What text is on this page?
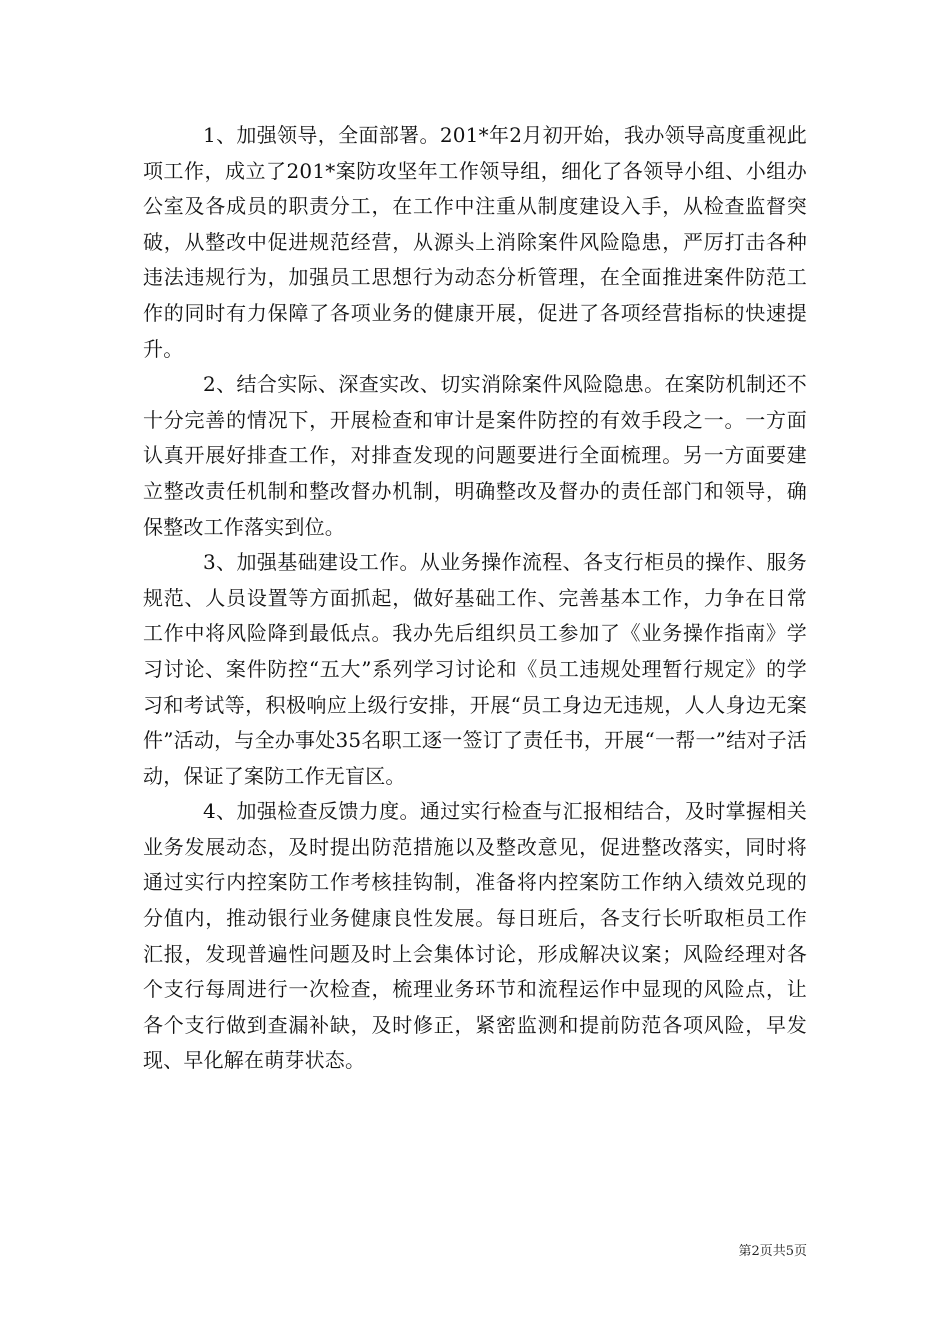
1、加强领导，全面部署。201*年2月初开始，我办领导高度重视此项工作，成立了201*案防攻坚年工作领导组，细化了各领导小组、小组办公室及各成员的职责分工，在工作中注重从制度建设入手，从检查监督突破，从整改中促进规范经营，从源头上消除案件风险隐患，严厉打击各种违法违规行为，加强员工思想行为动态分析管理，在全面推进案件防范工作的同时有力保障了各项业务的健康开展，促进了各项经营指标的快速提升。

2、结合实际、深查实改、切实消除案件风险隐患。在案防机制还不十分完善的情况下，开展检查和审计是案件防控的有效手段之一。一方面认真开展好排查工作，对排查发现的问题要进行全面梳理。另一方面要建立整改责任机制和整改督办机制，明确整改及督办的责任部门和领导，确保整改工作落实到位。

3、加强基础建设工作。从业务操作流程、各支行柜员的操作、服务规范、人员设置等方面抓起，做好基础工作、完善基本工作，力争在日常工作中将风险降到最低点。我办先后组织员工参加了《业务操作指南》学习讨论、案件防控“五大”系列学习讨论和《员工违规处理暂行规定》的学习和考试等，积极响应上级行安排，开展“员工身边无违规，人人身边无案件”活动，与全办事处35名职工逐一签订了责任书，开展“一帮一”结对子活动，保证了案防工作无盲区。

4、加强检查反馈力度。通过实行检查与汇报相结合，及时掌握相关业务发展动态，及时提出防范措施以及整改意见，促进整改落实，同时将通过实行内控案防工作考核挂钩制，准备将内控案防工作纳入绩效兑现的分值内，推动银行业务健康良性发展。每日班后，各支行长听取柜员工作汇报，发现普遍性问题及时上会集体讨论，形成解决议案；风险经理对各个支行每周进行一次检查，梳理业务环节和流程运作中显现的风险点，让各个支行做到查漏补缺，及时修正，紧密监测和提前防范各项风险，早发现、早化解在萌芽状态。

第2页共5页
